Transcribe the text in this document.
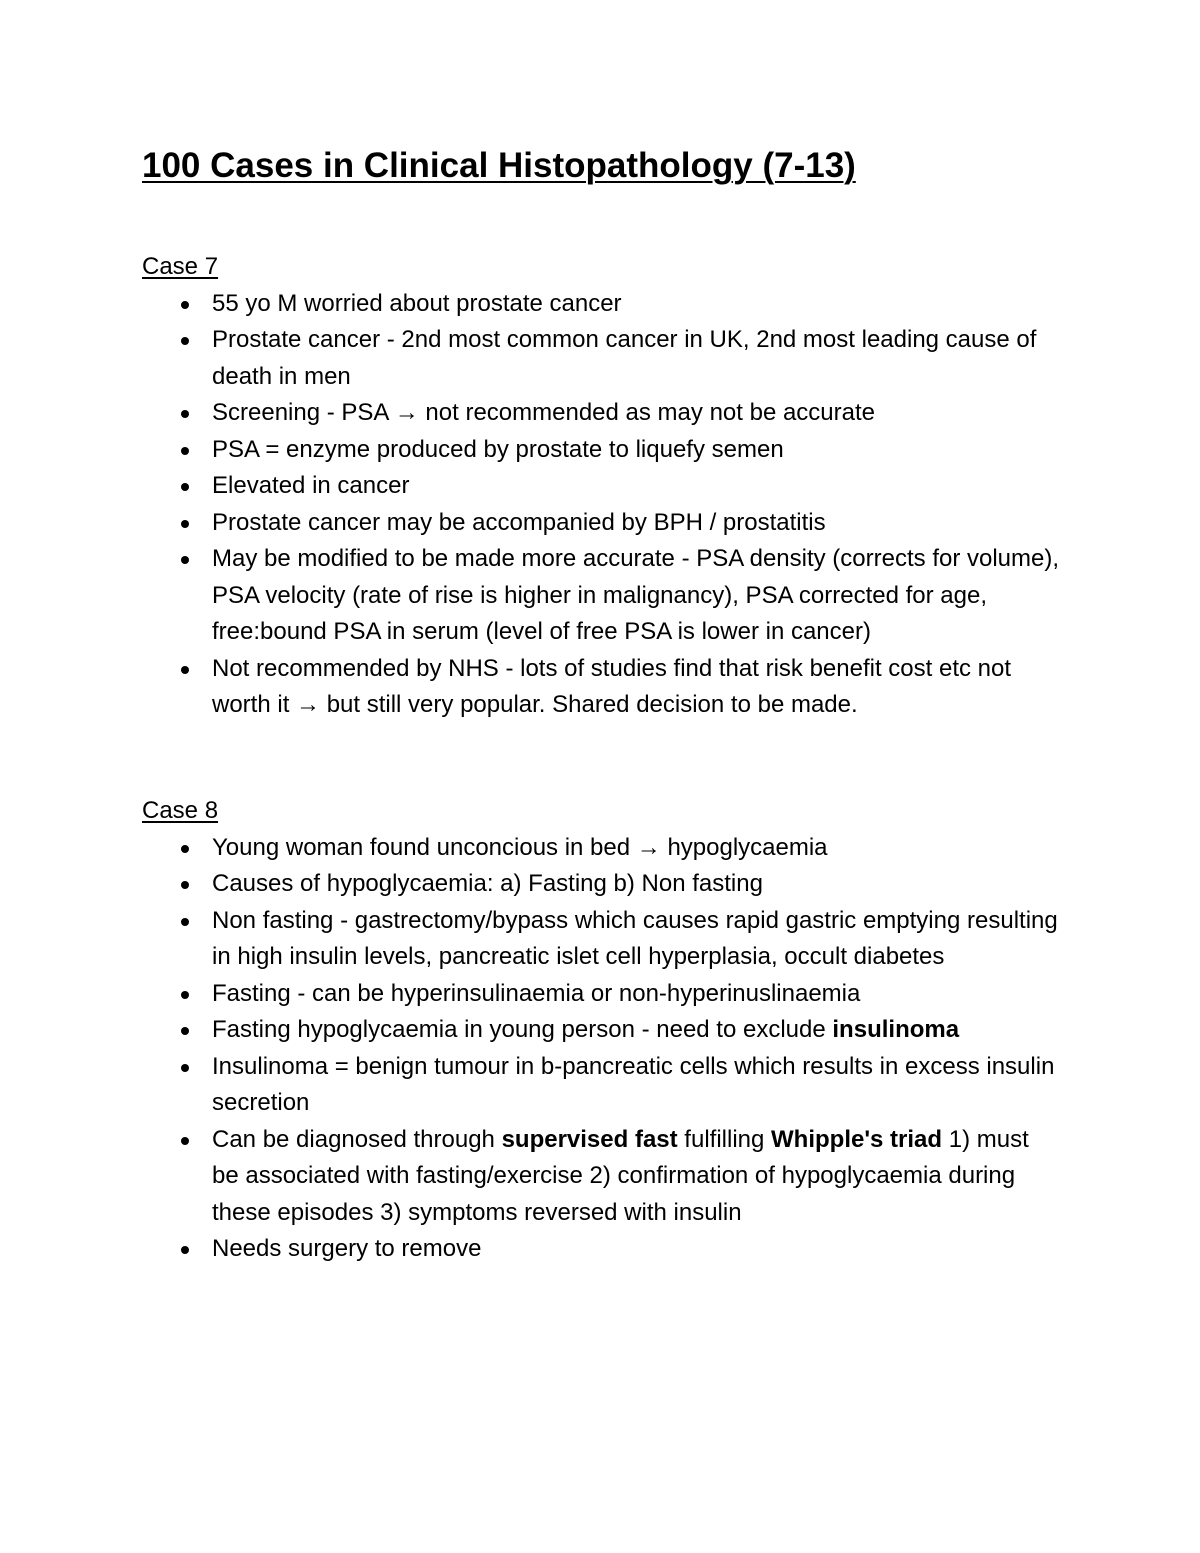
100 Cases in Clinical Histopathology (7-13)
Case 7
55 yo M worried about prostate cancer
Prostate cancer - 2nd most common cancer in UK, 2nd most leading cause of death in men
Screening - PSA → not recommended as may not be accurate
PSA = enzyme produced by prostate to liquefy semen
Elevated in cancer
Prostate cancer may be accompanied by BPH / prostatitis
May be modified to be made more accurate - PSA density (corrects for volume), PSA velocity (rate of rise is higher in malignancy), PSA corrected for age, free:bound PSA in serum (level of free PSA is lower in cancer)
Not recommended by NHS - lots of studies find that risk benefit cost etc not worth it → but still very popular. Shared decision to be made.
Case 8
Young woman found unconcious in bed → hypoglycaemia
Causes of hypoglycaemia: a) Fasting b) Non fasting
Non fasting - gastrectomy/bypass which causes rapid gastric emptying resulting in high insulin levels, pancreatic islet cell hyperplasia, occult diabetes
Fasting - can be hyperinsulinaemia or non-hyperinuslinaemia
Fasting hypoglycaemia in young person - need to exclude insulinoma
Insulinoma = benign tumour in b-pancreatic cells which results in excess insulin secretion
Can be diagnosed through supervised fast fulfilling Whipple's triad 1) must be associated with fasting/exercise 2) confirmation of hypoglycaemia during these episodes 3) symptoms reversed with insulin
Needs surgery to remove
